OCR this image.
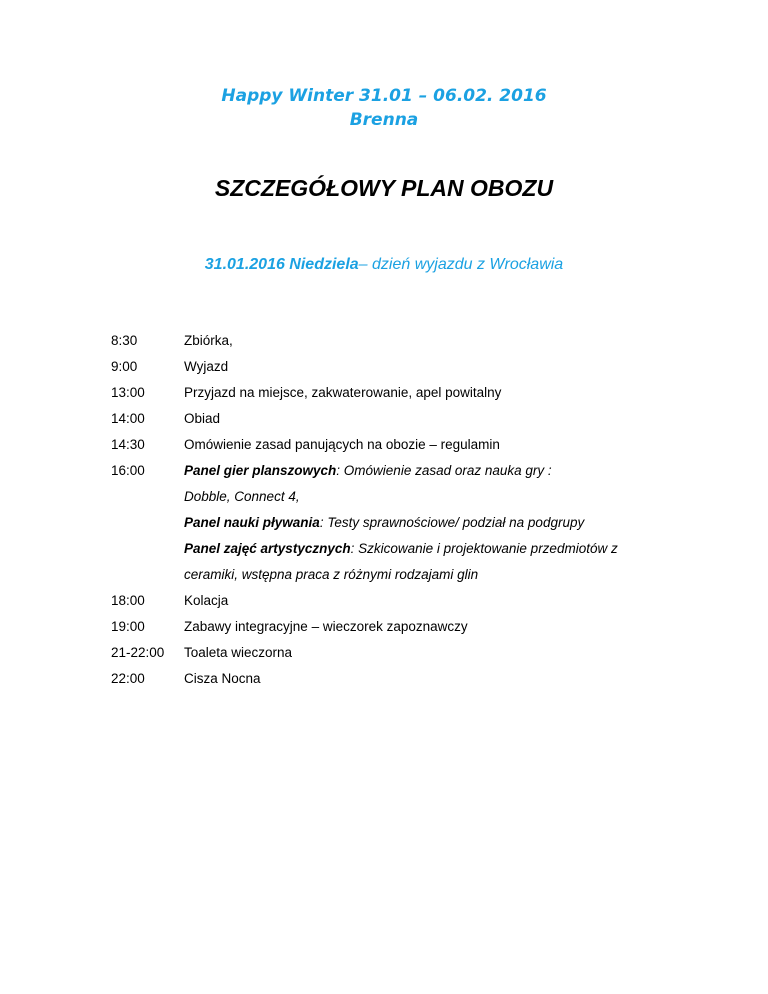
Happy Winter 31.01 – 06.02. 2016
Brenna
SZCZEGÓŁOWY PLAN OBOZU
31.01.2016 Niedziela– dzień wyjazdu z Wrocławia
8:30	Zbiórka,
9:00	Wyjazd
13:00	Przyjazd na miejsce, zakwaterowanie, apel powitalny
14:00	Obiad
14:30	Omówienie zasad panujących na obozie – regulamin
16:00	Panel gier planszowych: Omówienie zasad oraz nauka gry :
Dobble, Connect 4,
Panel nauki pływania: Testy sprawnościowe/ podział na podgrupy
Panel zajęć artystycznych: Szkicowanie i projektowanie przedmiotów z
ceramiki, wstępna praca z różnymi rodzajami glin
18:00	Kolacja
19:00	Zabawy integracyjne – wieczorek zapoznawczy
21-22:00 Toaleta wieczorna
22:00	Cisza Nocna
